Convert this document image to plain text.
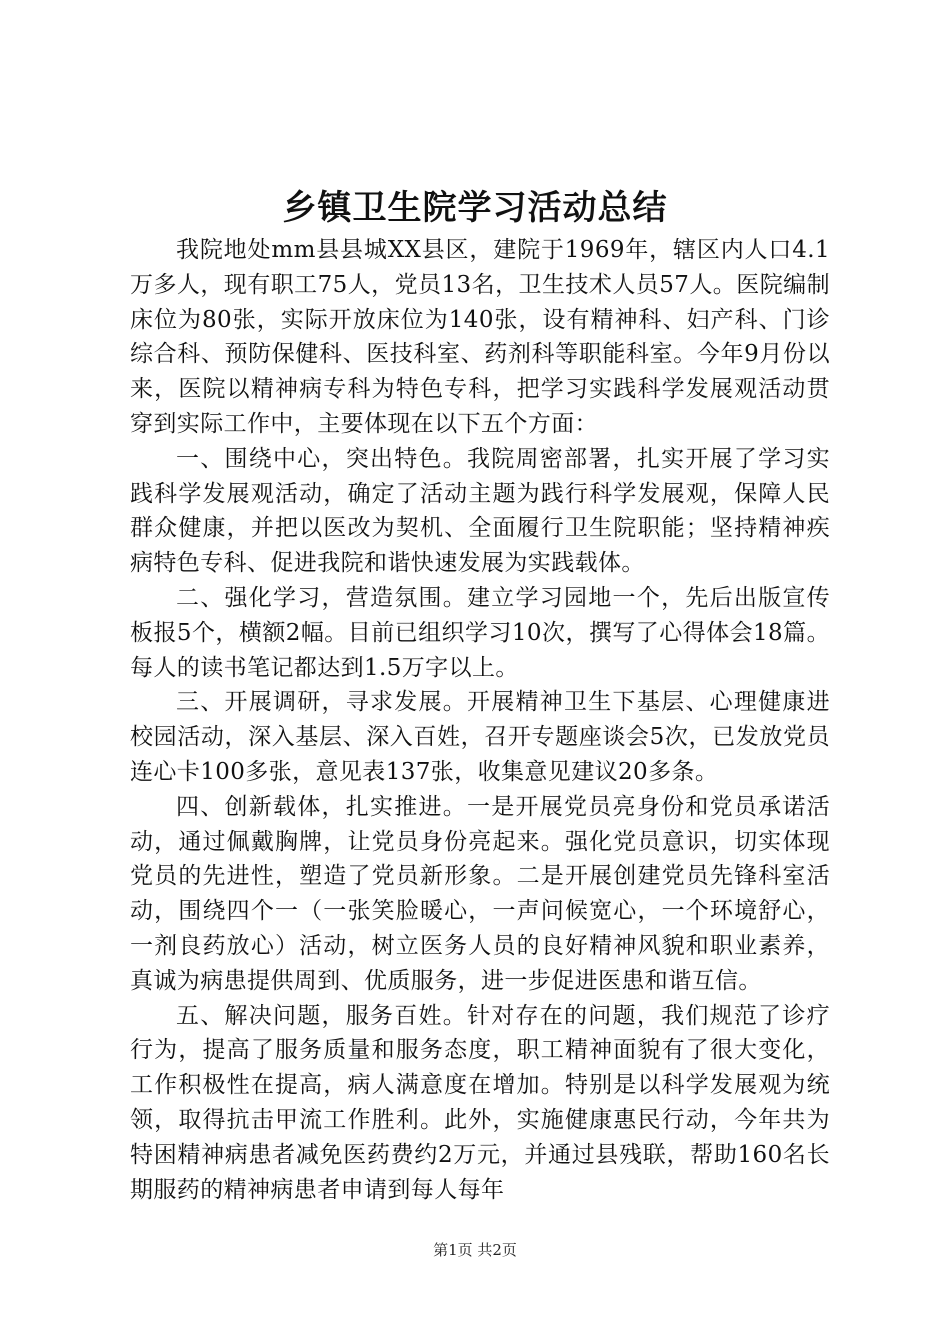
乡镇卫生院学习活动总结

我院地处mm县县城XX县区，建院于1969年，辖区内人口4.1万多人，现有职工75人，党员13名，卫生技术人员57人。医院编制床位为80张，实际开放床位为140张，设有精神科、妇产科、门诊综合科、预防保健科、医技科室、药剂科等职能科室。今年9月份以来，医院以精神病专科为特色专科，把学习实践科学发展观活动贯穿到实际工作中，主要体现在以下五个方面：

一、围绕中心，突出特色。我院周密部署，扎实开展了学习实践科学发展观活动，确定了活动主题为践行科学发展观，保障人民群众健康，并把以医改为契机、全面履行卫生院职能；坚持精神疾病特色专科、促进我院和谐快速发展为实践载体。

二、强化学习，营造氛围。建立学习园地一个，先后出版宣传板报5个，横额2幅。目前已组织学习10次，撰写了心得体会18篇。每人的读书笔记都达到1.5万字以上。

三、开展调研，寻求发展。开展精神卫生下基层、心理健康进校园活动，深入基层、深入百姓，召开专题座谈会5次，已发放党员连心卡100多张，意见表137张，收集意见建议20多条。

四、创新载体，扎实推进。一是开展党员亮身份和党员承诺活动，通过佩戴胸牌，让党员身份亮起来。强化党员意识，切实体现党员的先进性，塑造了党员新形象。二是开展创建党员先锋科室活动，围绕四个一（一张笑脸暖心，一声问候宽心，一个环境舒心，一剂良药放心）活动，树立医务人员的良好精神风貌和职业素养，真诚为病患提供周到、优质服务，进一步促进医患和谐互信。

五、解决问题，服务百姓。针对存在的问题，我们规范了诊疗行为，提高了服务质量和服务态度，职工精神面貌有了很大变化，工作积极性在提高，病人满意度在增加。特别是以科学发展观为统领，取得抗击甲流工作胜利。此外，实施健康惠民行动，今年共为特困精神病患者减免医药费约2万元，并通过县残联，帮助160名长期服药的精神病患者申请到每人每年

第1页 共2页
